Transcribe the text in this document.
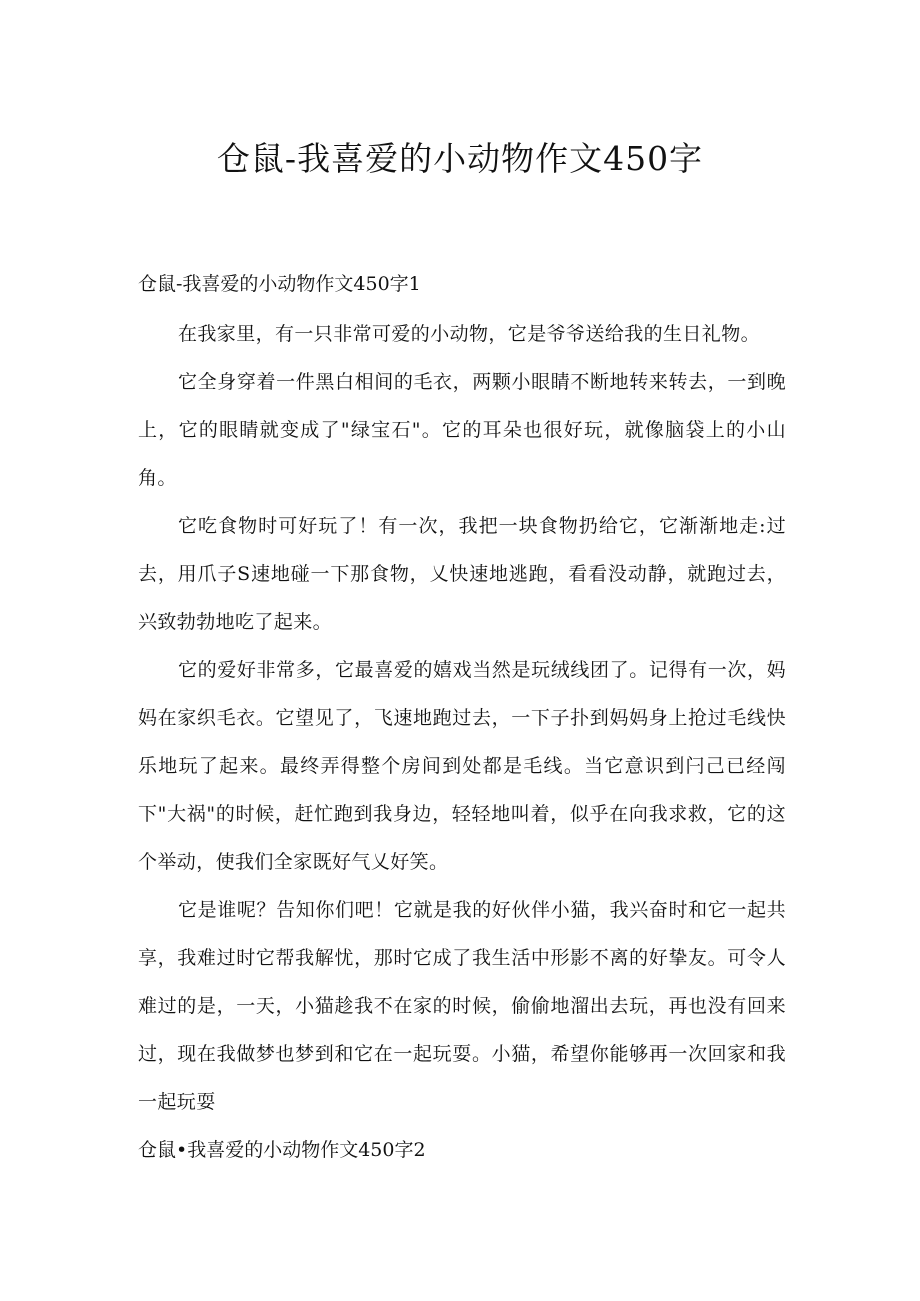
仓鼠-我喜爱的小动物作文450字
仓鼠-我喜爱的小动物作文450字1

在我家里，有一只非常可爱的小动物，它是爷爷送给我的生日礼物。

它全身穿着一件黑白相间的毛衣，两颗小眼睛不断地转来转去，一到晚上，它的眼睛就变成了"绿宝石"。它的耳朵也很好玩，就像脑袋上的小山角。

它吃食物时可好玩了！有一次，我把一块食物扔给它，它渐渐地走:过去，用爪子S速地碰一下那食物，乂快速地逃跑，看看没动静，就跑过去，兴致勃勃地吃了起来。

它的爱好非常多，它最喜爱的嬉戏当然是玩绒线团了。记得有一次，妈妈在家织毛衣。它望见了，飞速地跑过去，一下子扑到妈妈身上抢过毛线快乐地玩了起来。最终弄得整个房间到处都是毛线。当它意识到闩己已经闯下"大祸"的时候，赶忙跑到我身边，轻轻地叫着，似乎在向我求救，它的这个举动，使我们全家既好气乂好笑。

它是谁呢？告知你们吧！它就是我的好伙伴小猫，我兴奋时和它一起共享，我难过时它帮我解忧，那时它成了我生活中形影不离的好挚友。可令人难过的是，一天，小猫趁我不在家的时候，偷偷地溜出去玩，再也没有回来过，现在我做梦也梦到和它在一起玩耍。小猫，希望你能够再一次回家和我一起玩耍

仓鼠•我喜爱的小动物作文450字2
